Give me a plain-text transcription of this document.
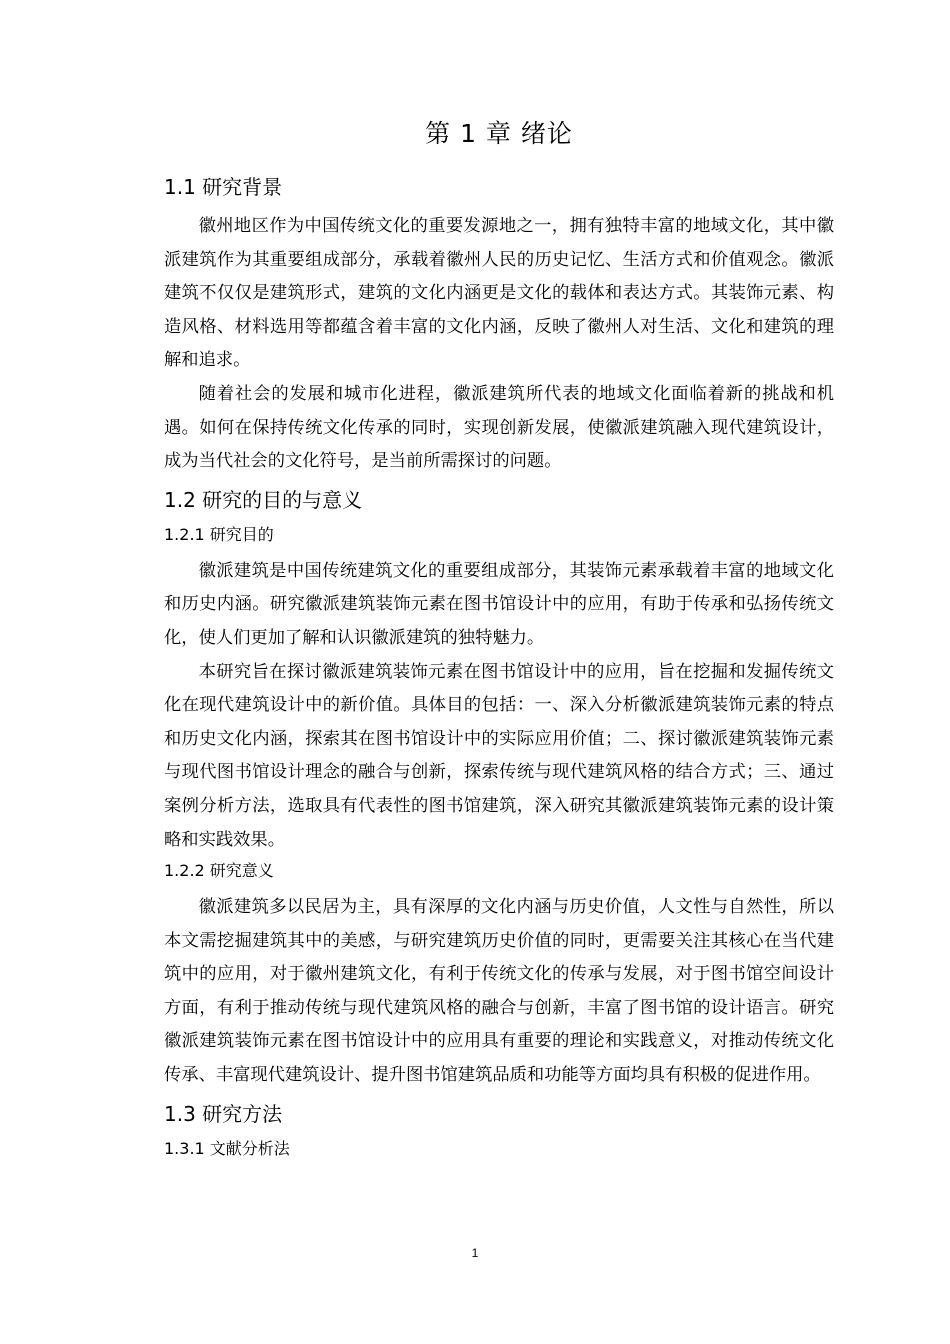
第 1 章 绪论
1.1 研究背景

徽州地区作为中国传统文化的重要发源地之一，拥有独特丰富的地域文化，其中徽派建筑作为其重要组成部分，承载着徽州人民的历史记忆、生活方式和价值观念。徽派建筑不仅仅是建筑形式，建筑的文化内涵更是文化的载体和表达方式。其装饰元素、构造风格、材料选用等都蕴含着丰富的文化内涵，反映了徽州人对生活、文化和建筑的理解和追求。

随着社会的发展和城市化进程，徽派建筑所代表的地域文化面临着新的挑战和机遇。如何在保持传统文化传承的同时，实现创新发展，使徽派建筑融入现代建筑设计，成为当代社会的文化符号，是当前所需探讨的问题。

1.2 研究的目的与意义
1.2.1 研究目的

徽派建筑是中国传统建筑文化的重要组成部分，其装饰元素承载着丰富的地域文化和历史内涵。研究徽派建筑装饰元素在图书馆设计中的应用，有助于传承和弘扬传统文化，使人们更加了解和认识徽派建筑的独特魅力。

本研究旨在探讨徽派建筑装饰元素在图书馆设计中的应用，旨在挖掘和发掘传统文化在现代建筑设计中的新价值。具体目的包括：一、深入分析徽派建筑装饰元素的特点和历史文化内涵，探索其在图书馆设计中的实际应用价值；二、探讨徽派建筑装饰元素与现代图书馆设计理念的融合与创新，探索传统与现代建筑风格的结合方式；三、通过案例分析方法，选取具有代表性的图书馆建筑，深入研究其徽派建筑装饰元素的设计策略和实践效果。

1.2.2 研究意义

徽派建筑多以民居为主，具有深厚的文化内涵与历史价值，人文性与自然性，所以本文需挖掘建筑其中的美感，与研究建筑历史价值的同时，更需要关注其核心在当代建筑中的应用，对于徽州建筑文化，有利于传统文化的传承与发展，对于图书馆空间设计方面，有利于推动传统与现代建筑风格的融合与创新，丰富了图书馆的设计语言。研究徽派建筑装饰元素在图书馆设计中的应用具有重要的理论和实践意义，对推动传统文化传承、丰富现代建筑设计、提升图书馆建筑品质和功能等方面均具有积极的促进作用。

1.3 研究方法
1.3.1 文献分析法
1
